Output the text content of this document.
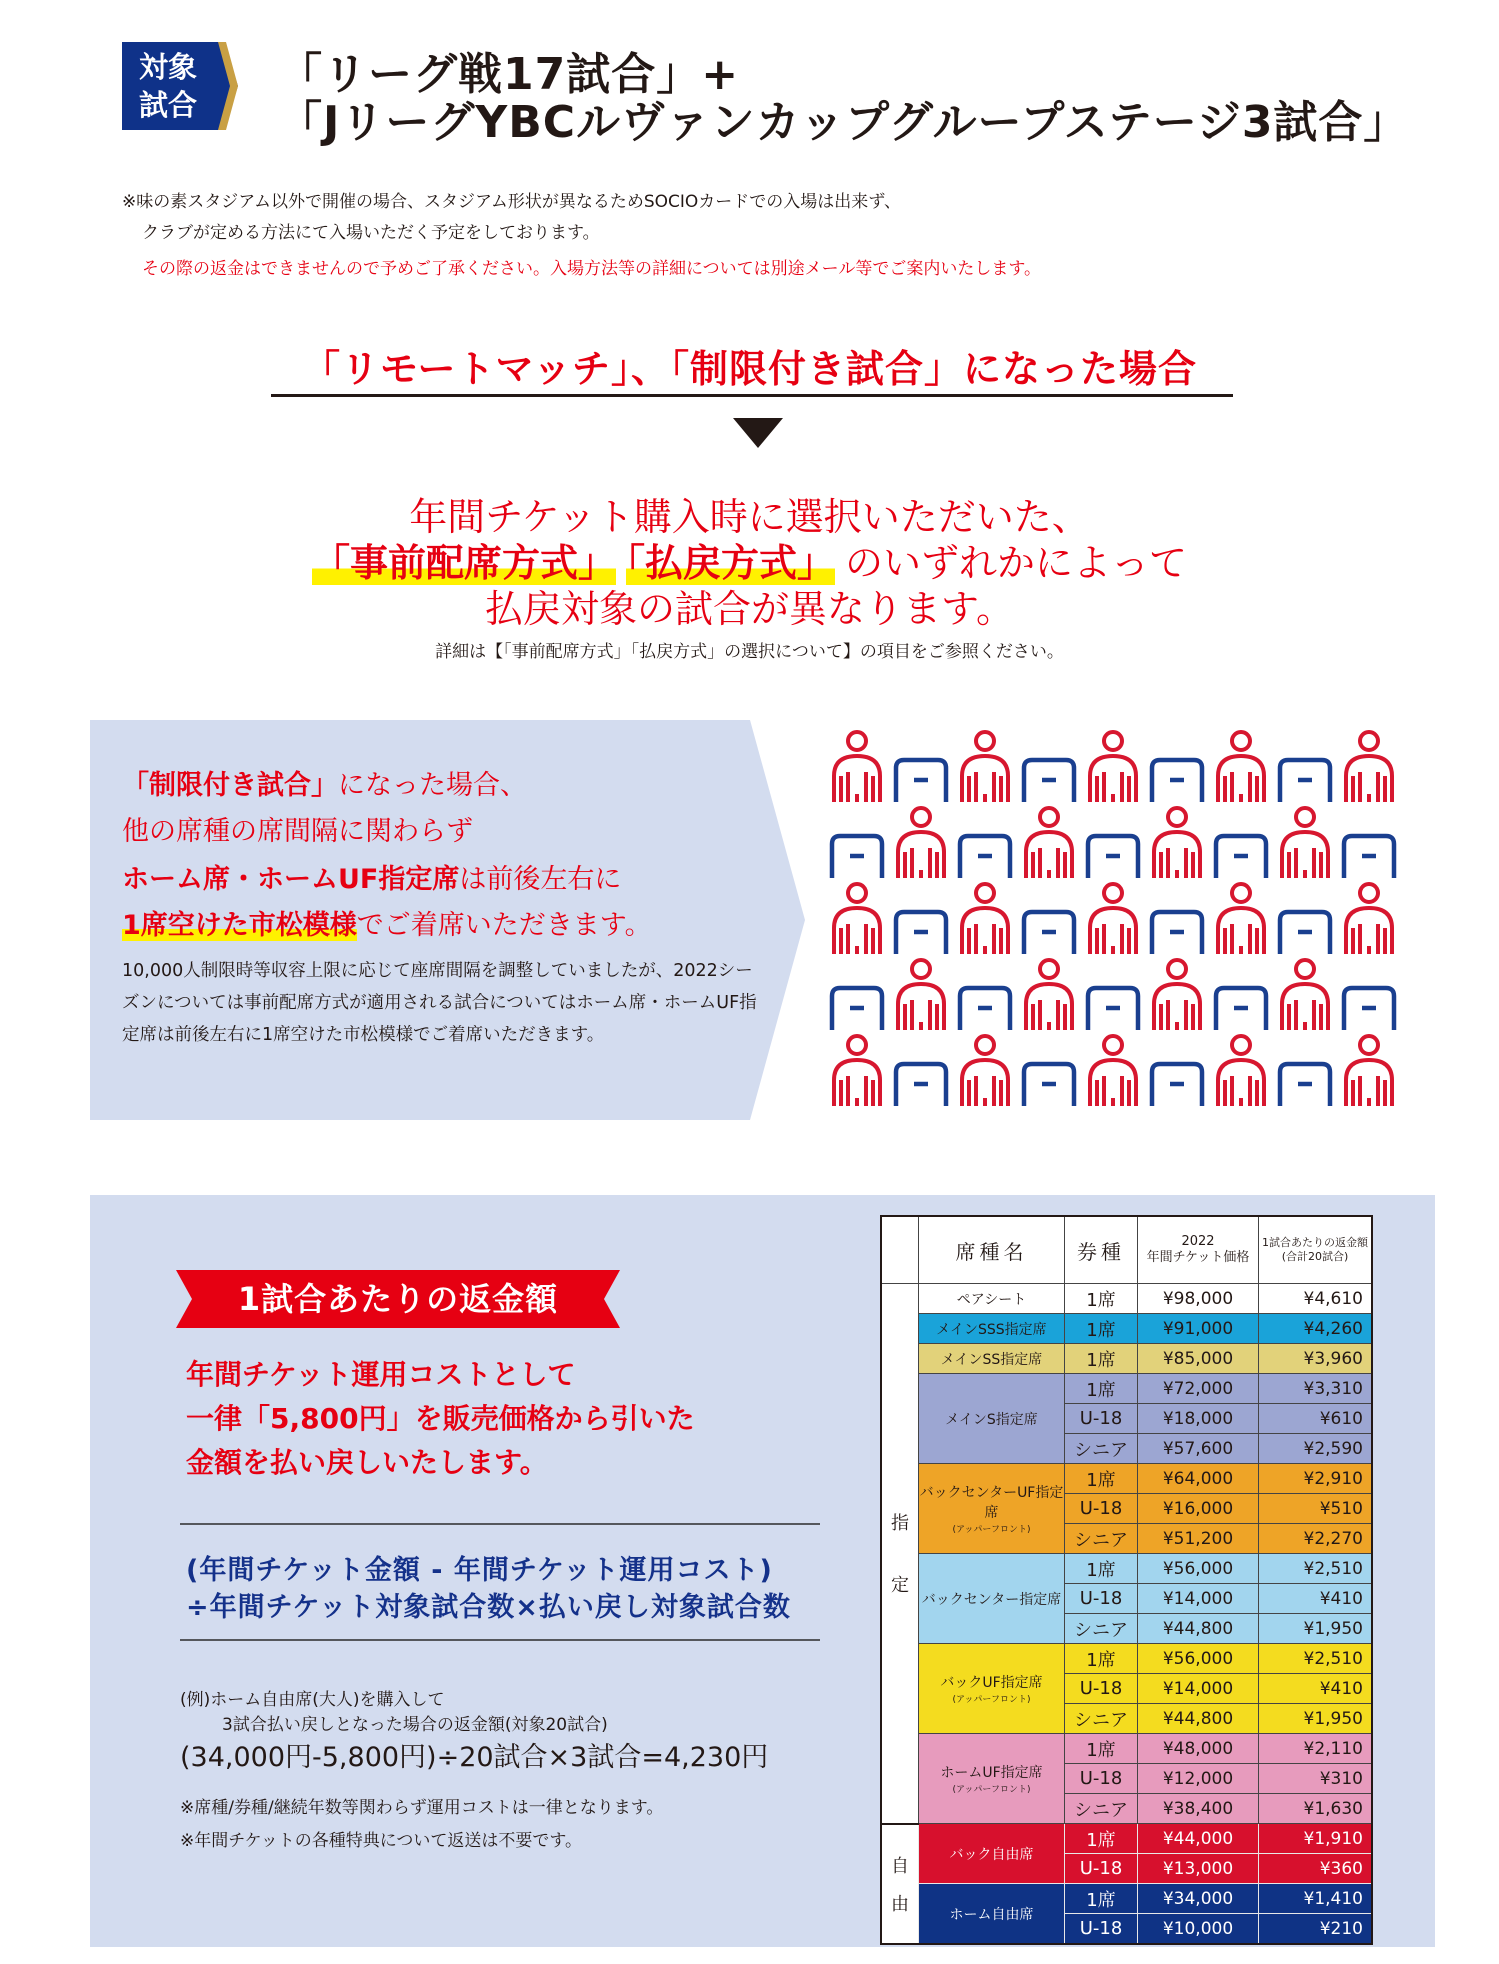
対象
試合
「リーグ戦17試合」+
「JリーグYBCルヴァンカップグループステージ3試合」
※味の素スタジアム以外で開催の場合、スタジアム形状が異なるためSOCIOカードでの入場は出来ず、
クラブが定める方法にて入場いただく予定をしております。
その際の返金はできませんので予めご了承ください。入場方法等の詳細については別途メール等でご案内いたします。
「リモートマッチ」、「制限付き試合」になった場合
年間チケット購入時に選択いただいた、
「事前配席方式」 「払戻方式」 のいずれかによって
払戻対象の試合が異なります。
詳細は【「事前配席方式」「払戻方式」の選択について】の項目をご参照ください。
「制限付き試合」になった場合、
他の席種の席間隔に関わらず
ホーム席・ホームUF指定席は前後左右に
1席空けた市松模様でご着席いただきます。
10,000人制限時等収容上限に応じて座席間隔を調整していましたが、2022シーズンについては事前配席方式が適用される試合についてはホーム席・ホームUF指定席は前後左右に1席空けた市松模様でご着席いただきます。
1試合あたりの返金額
年間チケット運用コストとして
一律「5,800円」を販売価格から引いた
金額を払い戻しいたします。
(年間チケット金額 - 年間チケット運用コスト)
÷年間チケット対象試合数×払い戻し対象試合数
(例)ホーム自由席(大人)を購入して
3試合払い戻しとなった場合の返金額(対象20試合)
(34,000円-5,800円)÷20試合×3試合=4,230円
※席種/券種/継続年数等関わらず運用コストは一律となります。
※年間チケットの各種特典について返送は不要です。
	席種名	券種	2022
年間チケット価格	1試合あたりの返金額
(合計20試合)

指
定	ペアシート	1席	¥98,000	¥4,610
	メインSSS指定席	1席	¥91,000	¥4,260
	メインSS指定席	1席	¥85,000	¥3,960
	メインS指定席	1席	¥72,000	¥3,310
		U-18	¥18,000	¥610
		シニア	¥57,600	¥2,590
	バックセンターUF指定席
(アッパーフロント)	1席	¥64,000	¥2,910
		U-18	¥16,000	¥510
		シニア	¥51,200	¥2,270
	バックセンター指定席	1席	¥56,000	¥2,510
		U-18	¥14,000	¥410
		シニア	¥44,800	¥1,950
	バックUF指定席
(アッパーフロント)	1席	¥56,000	¥2,510
		U-18	¥14,000	¥410
		シニア	¥44,800	¥1,950
	ホームUF指定席
(アッパーフロント)	1席	¥48,000	¥2,110
		U-18	¥12,000	¥310
		シニア	¥38,400	¥1,630

自
由	バック自由席	1席	¥44,000	¥1,910
		U-18	¥13,000	¥360
	ホーム自由席	1席	¥34,000	¥1,410
		U-18	¥10,000	¥210
